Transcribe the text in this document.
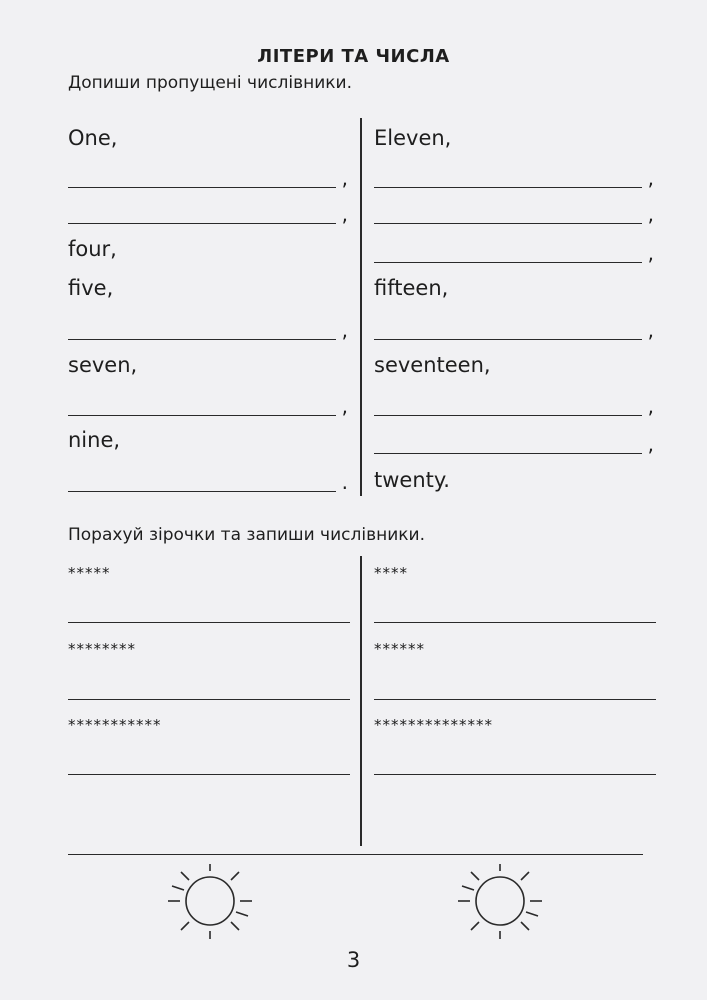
ЛІТЕРИ ТА ЧИСЛА
Допиши пропущені числівники.
One,
,
,
four,
five,
,
seven,
,
nine,
.
Eleven,
,
,
,
fifteen,
,
seventeen,
,
,
twenty.
Порахуй зірочки та запиши числівники.
*****
********
***********
****
******
**************
3
